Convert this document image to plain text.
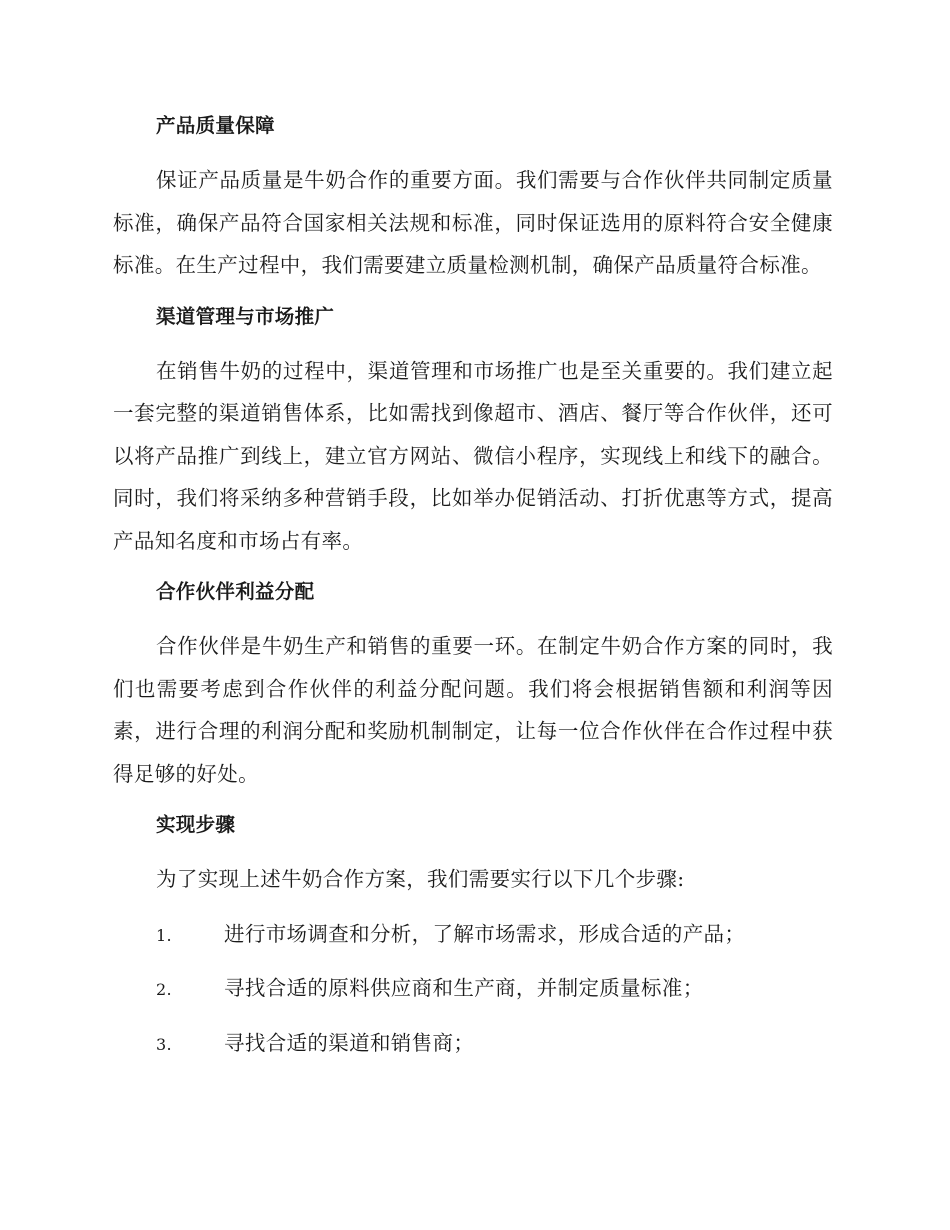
产品质量保障

保证产品质量是牛奶合作的重要方面。我们需要与合作伙伴共同制定质量标准，确保产品符合国家相关法规和标准，同时保证选用的原料符合安全健康标准。在生产过程中，我们需要建立质量检测机制，确保产品质量符合标准。

渠道管理与市场推广

在销售牛奶的过程中，渠道管理和市场推广也是至关重要的。我们建立起一套完整的渠道销售体系，比如需找到像超市、酒店、餐厅等合作伙伴，还可以将产品推广到线上，建立官方网站、微信小程序，实现线上和线下的融合。同时，我们将采纳多种营销手段，比如举办促销活动、打折优惠等方式，提高产品知名度和市场占有率。

合作伙伴利益分配

合作伙伴是牛奶生产和销售的重要一环。在制定牛奶合作方案的同时，我们也需要考虑到合作伙伴的利益分配问题。我们将会根据销售额和利润等因素，进行合理的利润分配和奖励机制制定，让每一位合作伙伴在合作过程中获得足够的好处。

实现步骤

为了实现上述牛奶合作方案，我们需要实行以下几个步骤:

1.	进行市场调查和分析，了解市场需求，形成合适的产品；
2.	寻找合适的原料供应商和生产商，并制定质量标准；
3.	寻找合适的渠道和销售商；
